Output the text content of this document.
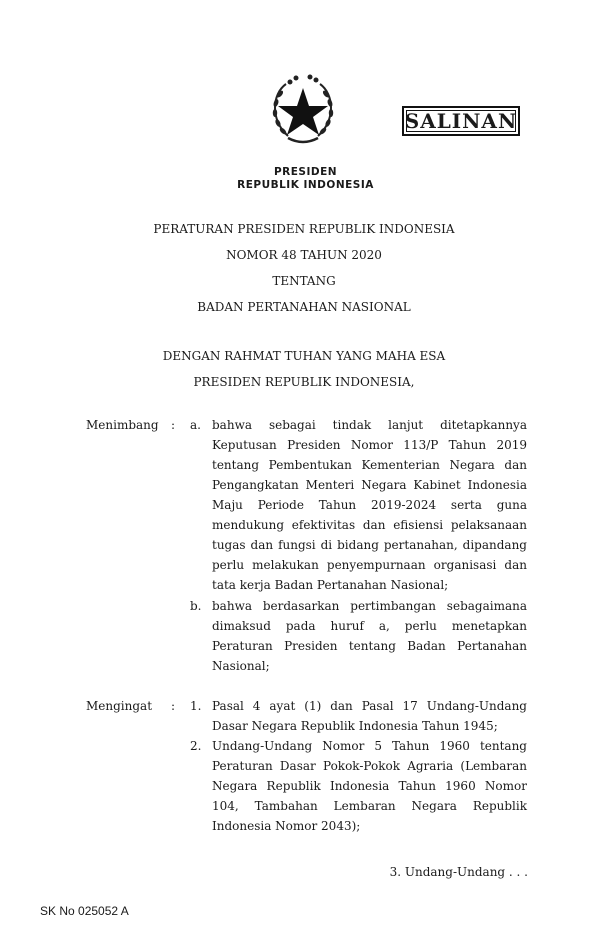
SALINAN
PRESIDEN
REPUBLIK INDONESIA
PERATURAN PRESIDEN REPUBLIK INDONESIA
NOMOR 48 TAHUN 2020
TENTANG
BADAN PERTANAHAN NASIONAL
DENGAN RAHMAT TUHAN YANG MAHA ESA
PRESIDEN REPUBLIK INDONESIA,
Menimbang : a. bahwa sebagai tindak lanjut ditetapkannya Keputusan Presiden Nomor 113/P Tahun 2019 tentang Pembentukan Kementerian Negara dan Pengangkatan Menteri Negara Kabinet Indonesia Maju Periode Tahun 2019-2024 serta guna mendukung efektivitas dan efisiensi pelaksanaan tugas dan fungsi di bidang pertanahan, dipandang perlu melakukan penyempurnaan organisasi dan tata kerja Badan Pertanahan Nasional;
b. bahwa berdasarkan pertimbangan sebagaimana dimaksud pada huruf a, perlu menetapkan Peraturan Presiden tentang Badan Pertanahan Nasional;
Mengingat : 1. Pasal 4 ayat (1) dan Pasal 17 Undang-Undang Dasar Negara Republik Indonesia Tahun 1945;
2. Undang-Undang Nomor 5 Tahun 1960 tentang Peraturan Dasar Pokok-Pokok Agraria (Lembaran Negara Republik Indonesia Tahun 1960 Nomor 104, Tambahan Lembaran Negara Republik Indonesia Nomor 2043);
3. Undang-Undang . . .
SK No 025052 A
